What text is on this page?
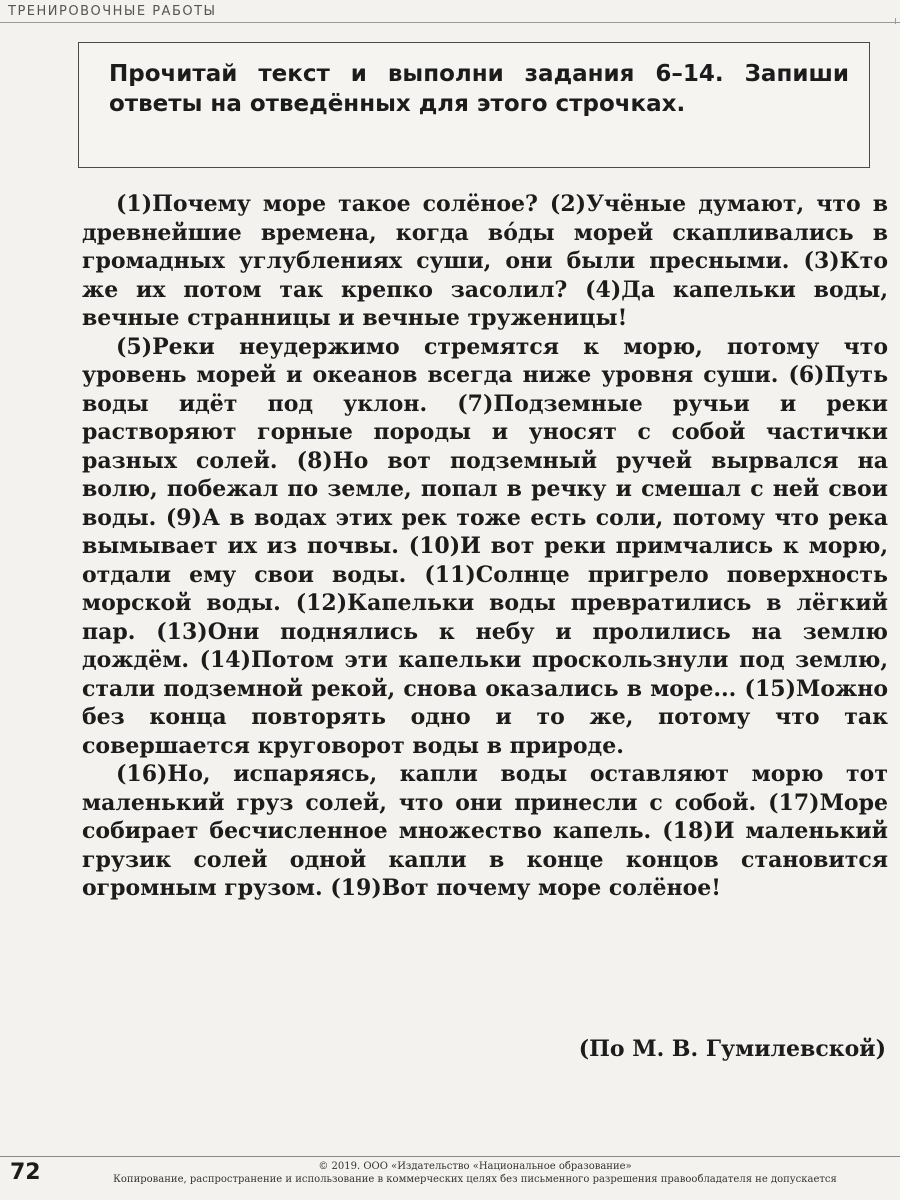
ТРЕНИРОВОЧНЫЕ РАБОТЫ
Прочитай текст и выполни задания 6–14. Запиши ответы на отведённых для этого строчках.

(1)Почему море такое солёное? (2)Учёные думают, что в древнейшие времена, когда во́ды морей скапливались в громадных углублениях суши, они были пресными. (3)Кто же их потом так крепко засолил? (4)Да капельки воды, вечные странницы и вечные труженицы!

(5)Реки неудержимо стремятся к морю, потому что уровень морей и океанов всегда ниже уровня суши. (6)Путь воды идёт под уклон. (7)Подземные ручьи и реки растворяют горные породы и уносят с собой частички разных солей. (8)Но вот подземный ручей вырвался на волю, побежал по земле, попал в речку и смешал с ней свои воды. (9)А в водах этих рек тоже есть соли, потому что река вымывает их из почвы. (10)И вот реки примчались к морю, отдали ему свои воды. (11)Солнце пригрело поверхность морской воды. (12)Капельки воды превратились в лёгкий пар. (13)Они поднялись к небу и пролились на землю дождём. (14)Потом эти капельки проскользнули под землю, стали подземной рекой, снова оказались в море... (15)Можно без конца повторять одно и то же, потому что так совершается круговорот воды в природе.

(16)Но, испаряясь, капли воды оставляют морю тот маленький груз солей, что они принесли с собой. (17)Море собирает бесчисленное множество капель. (18)И маленький грузик солей одной капли в конце концов становится огромным грузом. (19)Вот почему море солёное!

(По М. В. Гумилевской)
72	© 2019. ООО «Издательство «Национальное образование»
Копирование, распространение и использование в коммерческих целях без письменного разрешения правообладателя не допускается
